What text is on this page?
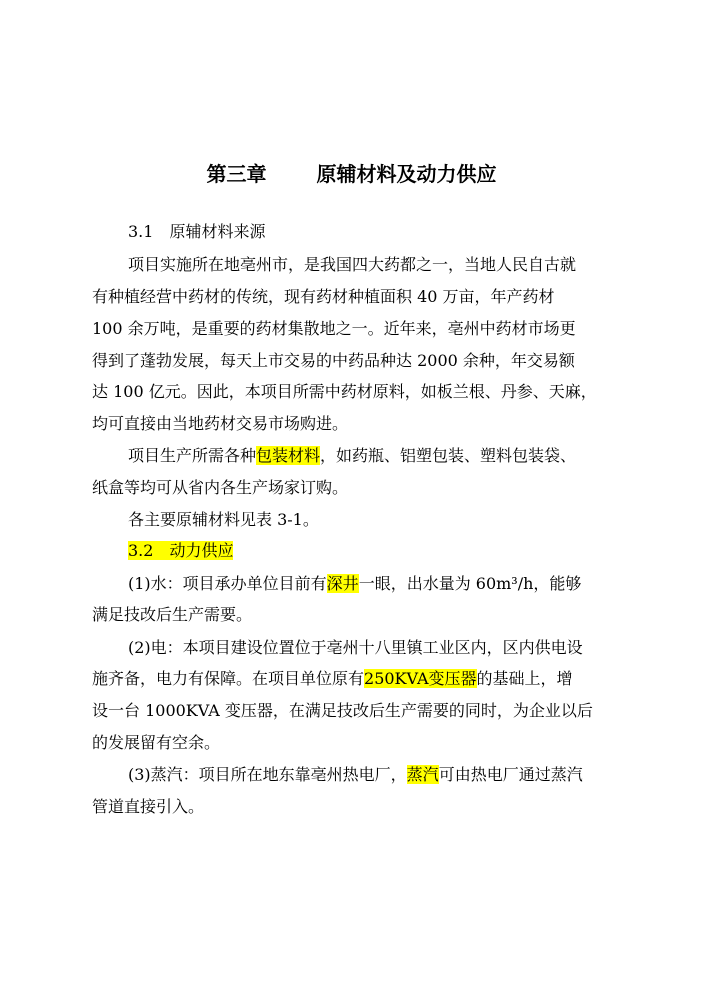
第三章	原辅材料及动力供应
3.1　原辅材料来源
项目实施所在地亳州市，是我国四大药都之一，当地人民自古就
有种植经营中药材的传统，现有药材种植面积 40 万亩，年产药材
100 余万吨，是重要的药材集散地之一。近年来，亳州中药材市场更
得到了蓬勃发展，每天上市交易的中药品种达 2000 余种，年交易额
达 100 亿元。因此，本项目所需中药材原料，如板兰根、丹参、天麻，
均可直接由当地药材交易市场购进。
项目生产所需各种包装材料，如药瓶、铝塑包装、塑料包装袋、
纸盒等均可从省内各生产场家订购。
各主要原辅材料见表 3-1。
3.2　动力供应
(1)水：项目承办单位目前有深井一眼，出水量为 60m³/h，能够
满足技改后生产需要。
(2)电：本项目建设位置位于亳州十八里镇工业区内，区内供电设
施齐备，电力有保障。在项目单位原有250KVA变压器的基础上，增
设一台 1000KVA 变压器，在满足技改后生产需要的同时，为企业以后
的发展留有空余。
(3)蒸汽：项目所在地东靠亳州热电厂，蒸汽可由热电厂通过蒸汽
管道直接引入。
